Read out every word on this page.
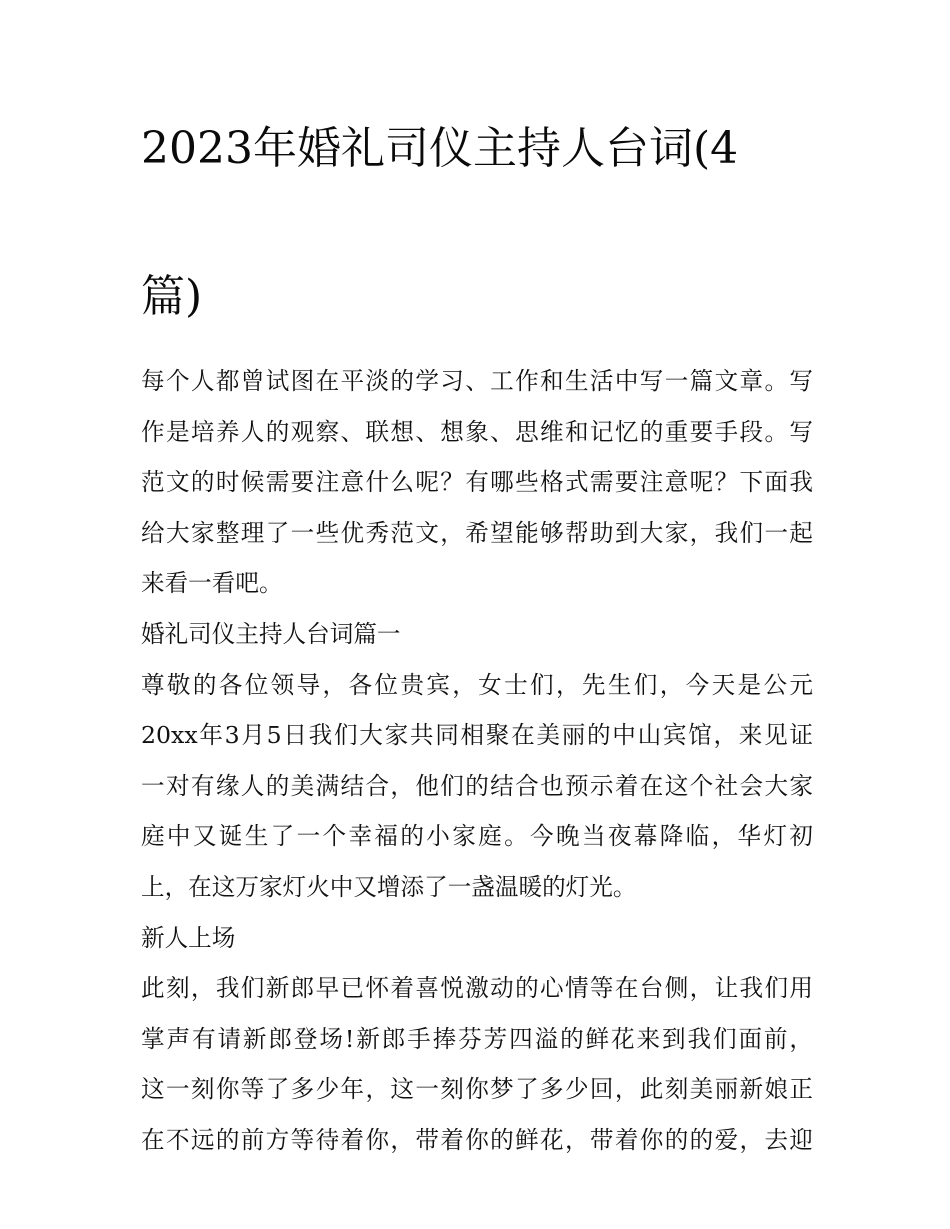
2023年婚礼司仪主持人台词(4

篇)

每个人都曾试图在平淡的学习、工作和生活中写一篇文章。写
作是培养人的观察、联想、想象、思维和记忆的重要手段。写
范文的时候需要注意什么呢？有哪些格式需要注意呢？下面我
给大家整理了一些优秀范文，希望能够帮助到大家，我们一起
来看一看吧。

婚礼司仪主持人台词篇一

尊敬的各位领导，各位贵宾，女士们，先生们，今天是公元
20xx年3月5日我们大家共同相聚在美丽的中山宾馆，来见证
一对有缘人的美满结合，他们的结合也预示着在这个社会大家
庭中又诞生了一个幸福的小家庭。今晚当夜幕降临，华灯初
上，在这万家灯火中又增添了一盏温暖的灯光。

新人上场

此刻，我们新郎早已怀着喜悦激动的心情等在台侧，让我们用
掌声有请新郎登场!新郎手捧芬芳四溢的鲜花来到我们面前，
这一刻你等了多少年，这一刻你梦了多少回，此刻美丽新娘正
在不远的前方等待着你，带着你的鲜花，带着你的的爱，去迎
